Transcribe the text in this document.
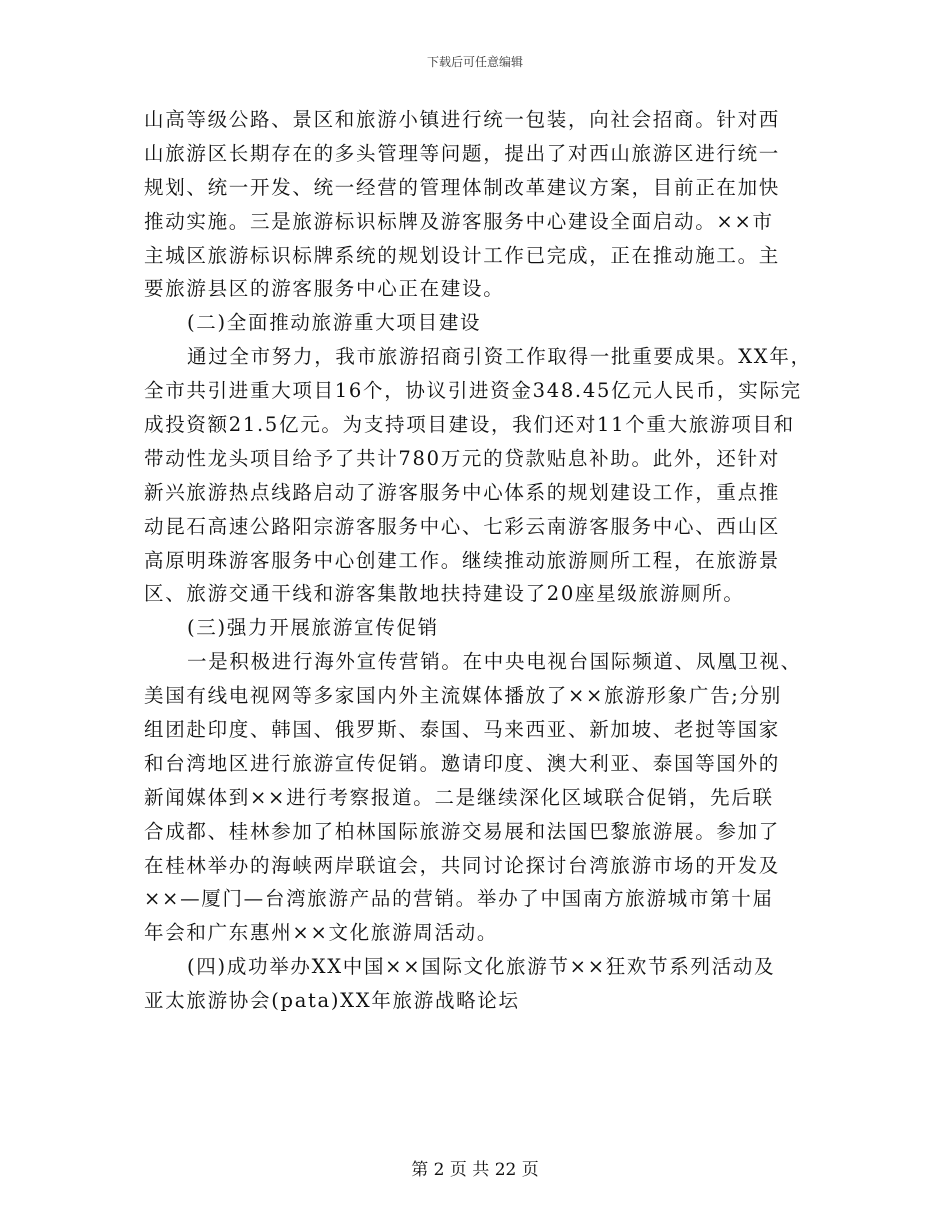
下载后可任意编辑
山高等级公路、景区和旅游小镇进行统一包装，向社会招商。针对西
山旅游区长期存在的多头管理等问题，提出了对西山旅游区进行统一
规划、统一开发、统一经营的管理体制改革建议方案，目前正在加快
推动实施。三是旅游标识标牌及游客服务中心建设全面启动。××市
主城区旅游标识标牌系统的规划设计工作已完成，正在推动施工。主
要旅游县区的游客服务中心正在建设。
(二)全面推动旅游重大项目建设
通过全市努力，我市旅游招商引资工作取得一批重要成果。XX年，
全市共引进重大项目16个，协议引进资金348.45亿元人民币，实际完
成投资额21.5亿元。为支持项目建设，我们还对11个重大旅游项目和
带动性龙头项目给予了共计780万元的贷款贴息补助。此外，还针对
新兴旅游热点线路启动了游客服务中心体系的规划建设工作，重点推
动昆石高速公路阳宗游客服务中心、七彩云南游客服务中心、西山区
高原明珠游客服务中心创建工作。继续推动旅游厕所工程，在旅游景
区、旅游交通干线和游客集散地扶持建设了20座星级旅游厕所。
(三)强力开展旅游宣传促销
一是积极进行海外宣传营销。在中央电视台国际频道、凤凰卫视、
美国有线电视网等多家国内外主流媒体播放了××旅游形象广告;分别
组团赴印度、韩国、俄罗斯、泰国、马来西亚、新加坡、老挝等国家
和台湾地区进行旅游宣传促销。邀请印度、澳大利亚、泰国等国外的
新闻媒体到××进行考察报道。二是继续深化区域联合促销，先后联
合成都、桂林参加了柏林国际旅游交易展和法国巴黎旅游展。参加了
在桂林举办的海峡两岸联谊会，共同讨论探讨台湾旅游市场的开发及
××—厦门—台湾旅游产品的营销。举办了中国南方旅游城市第十届
年会和广东惠州××文化旅游周活动。
(四)成功举办XX中国××国际文化旅游节××狂欢节系列活动及
亚太旅游协会(pata)XX年旅游战略论坛
第 2 页 共 22 页
